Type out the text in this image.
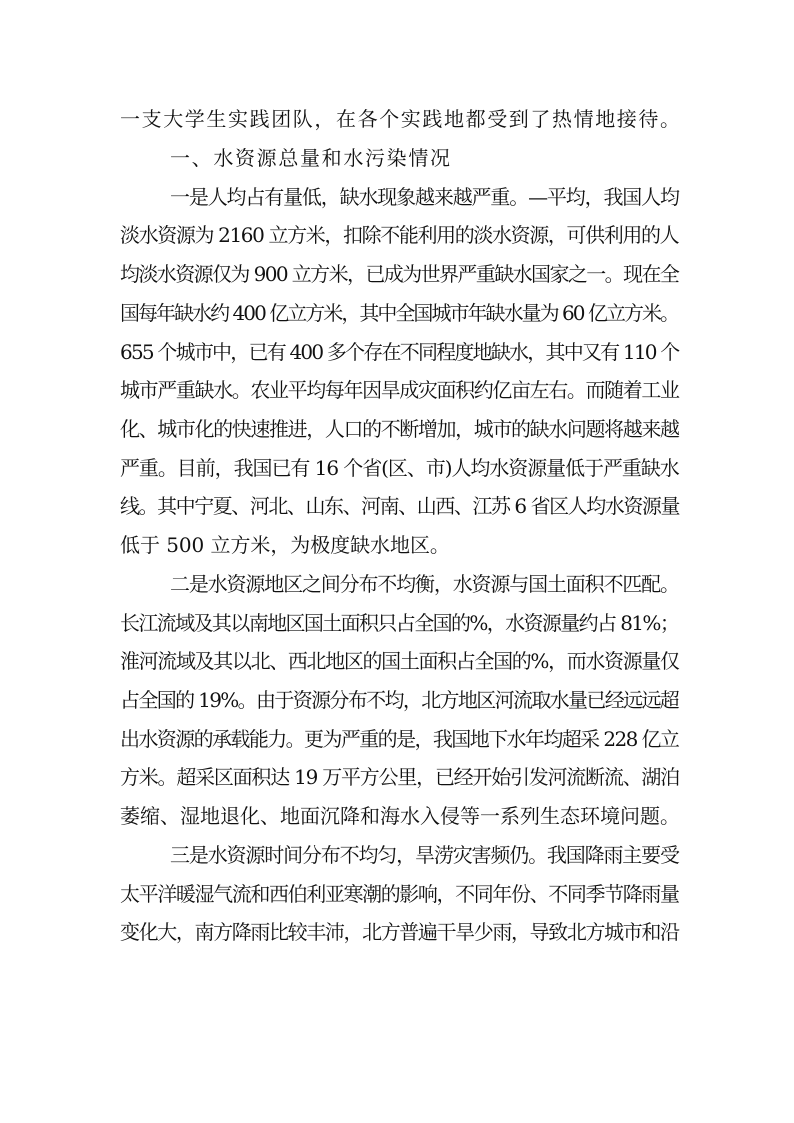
一支大学生实践团队，在各个实践地都受到了热情地接待。

一、水资源总量和水污染情况

一是人均占有量低，缺水现象越来越严重。—平均，我国人均

淡水资源为 2160 立方米，扣除不能利用的淡水资源，可供利用的人

均淡水资源仅为 900 立方米，已成为世界严重缺水国家之一。现在全

国每年缺水约 400 亿立方米，其中全国城市年缺水量为 60 亿立方米。

655 个城市中，已有 400 多个存在不同程度地缺水，其中又有 110 个

城市严重缺水。农业平均每年因旱成灾面积约亿亩左右。而随着工业

化、城市化的快速推进，人口的不断增加，城市的缺水问题将越来越

严重。目前，我国已有 16 个省(区、市)人均水资源量低于严重缺水

线。其中宁夏、河北、山东、河南、山西、江苏 6 省区人均水资源量

低于 500 立方米，为极度缺水地区。

二是水资源地区之间分布不均衡，水资源与国土面积不匹配。

长江流域及其以南地区国土面积只占全国的%，水资源量约占 81%；

淮河流域及其以北、西北地区的国土面积占全国的%，而水资源量仅

占全国的 19%。由于资源分布不均，北方地区河流取水量已经远远超

出水资源的承载能力。更为严重的是，我国地下水年均超采 228 亿立

方米。超采区面积达 19 万平方公里，已经开始引发河流断流、湖泊

萎缩、湿地退化、地面沉降和海水入侵等一系列生态环境问题。

三是水资源时间分布不均匀，旱涝灾害频仍。我国降雨主要受

太平洋暖湿气流和西伯利亚寒潮的影响，不同年份、不同季节降雨量

变化大，南方降雨比较丰沛，北方普遍干旱少雨，导致北方城市和沿
